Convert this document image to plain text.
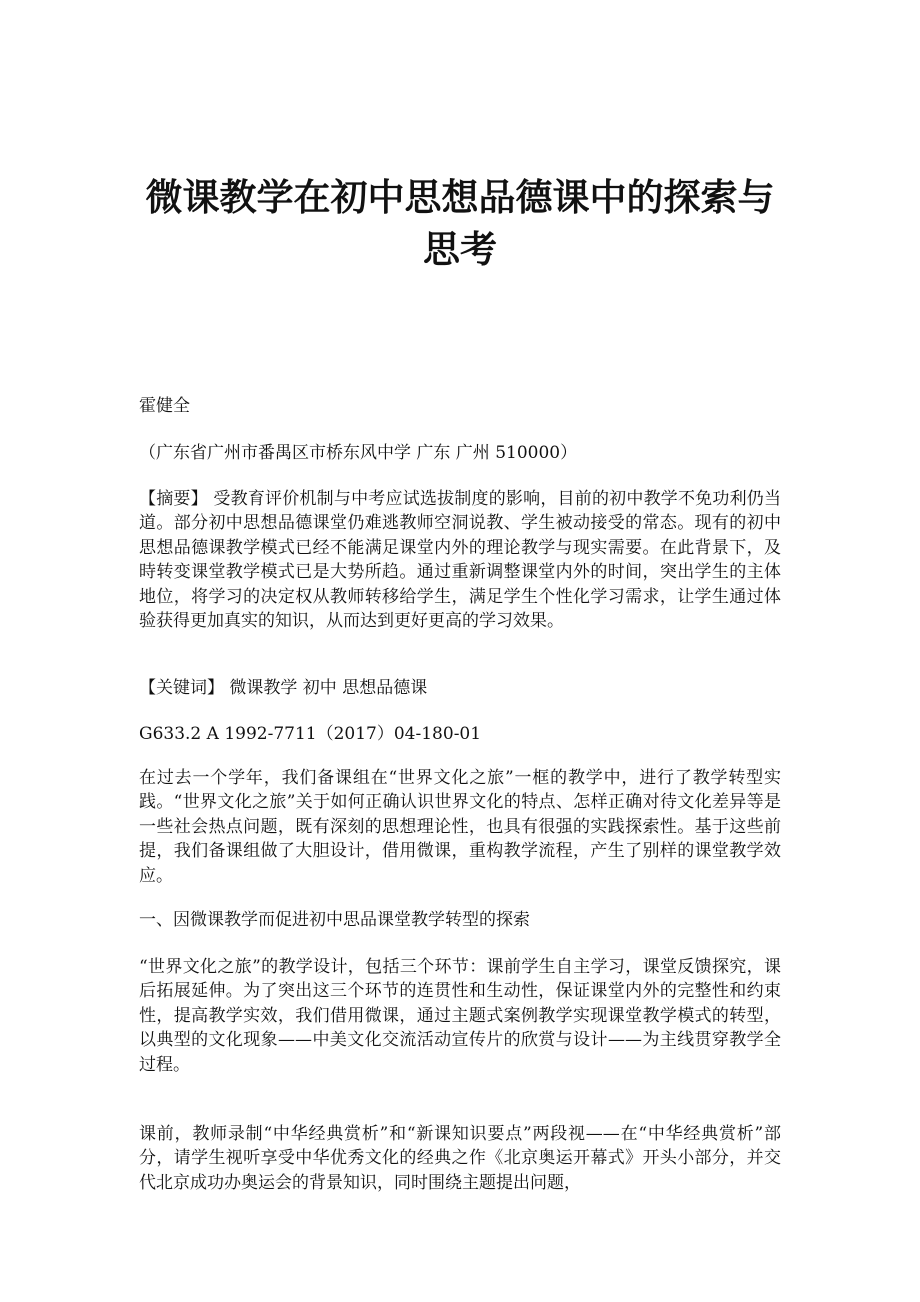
微课教学在初中思想品德课中的探索与
思考

霍健全

（广东省广州市番禺区市桥东风中学 广东 广州 510000）

【摘要】 受教育评价机制与中考应试选拔制度的影响，目前的初中教学不免功利仍当道。部分初中思想品德课堂仍难逃教师空洞说教、学生被动接受的常态。现有的初中思想品德课教学模式已经不能满足课堂内外的理论教学与现实需要。在此背景下，及時转变课堂教学模式已是大势所趋。通过重新调整课堂内外的时间，突出学生的主体地位，将学习的决定权从教师转移给学生，满足学生个性化学习需求，让学生通过体验获得更加真实的知识，从而达到更好更高的学习效果。

【关键词】 微课教学 初中 思想品德课

G633.2 A 1992-7711（2017）04-180-01

在过去一个学年，我们备课组在“世界文化之旅”一框的教学中，进行了教学转型实践。“世界文化之旅”关于如何正确认识世界文化的特点、怎样正确对待文化差异等是一些社会热点问题，既有深刻的思想理论性，也具有很强的实践探索性。基于这些前提，我们备课组做了大胆设计，借用微课，重构教学流程，产生了别样的课堂教学效应。

一、因微课教学而促进初中思品课堂教学转型的探索

“世界文化之旅”的教学设计，包括三个环节：课前学生自主学习，课堂反馈探究，课后拓展延伸。为了突出这三个环节的连贯性和生动性，保证课堂内外的完整性和约束性，提高教学实效，我们借用微课，通过主题式案例教学实现课堂教学模式的转型，以典型的文化现象——中美文化交流活动宣传片的欣赏与设计——为主线贯穿教学全过程。

课前，教师录制“中华经典赏析”和“新课知识要点”两段视——在“中华经典赏析”部分，请学生视听享受中华优秀文化的经典之作《北京奥运开幕式》开头小部分，并交代北京成功办奥运会的背景知识，同时围绕主题提出问题，
